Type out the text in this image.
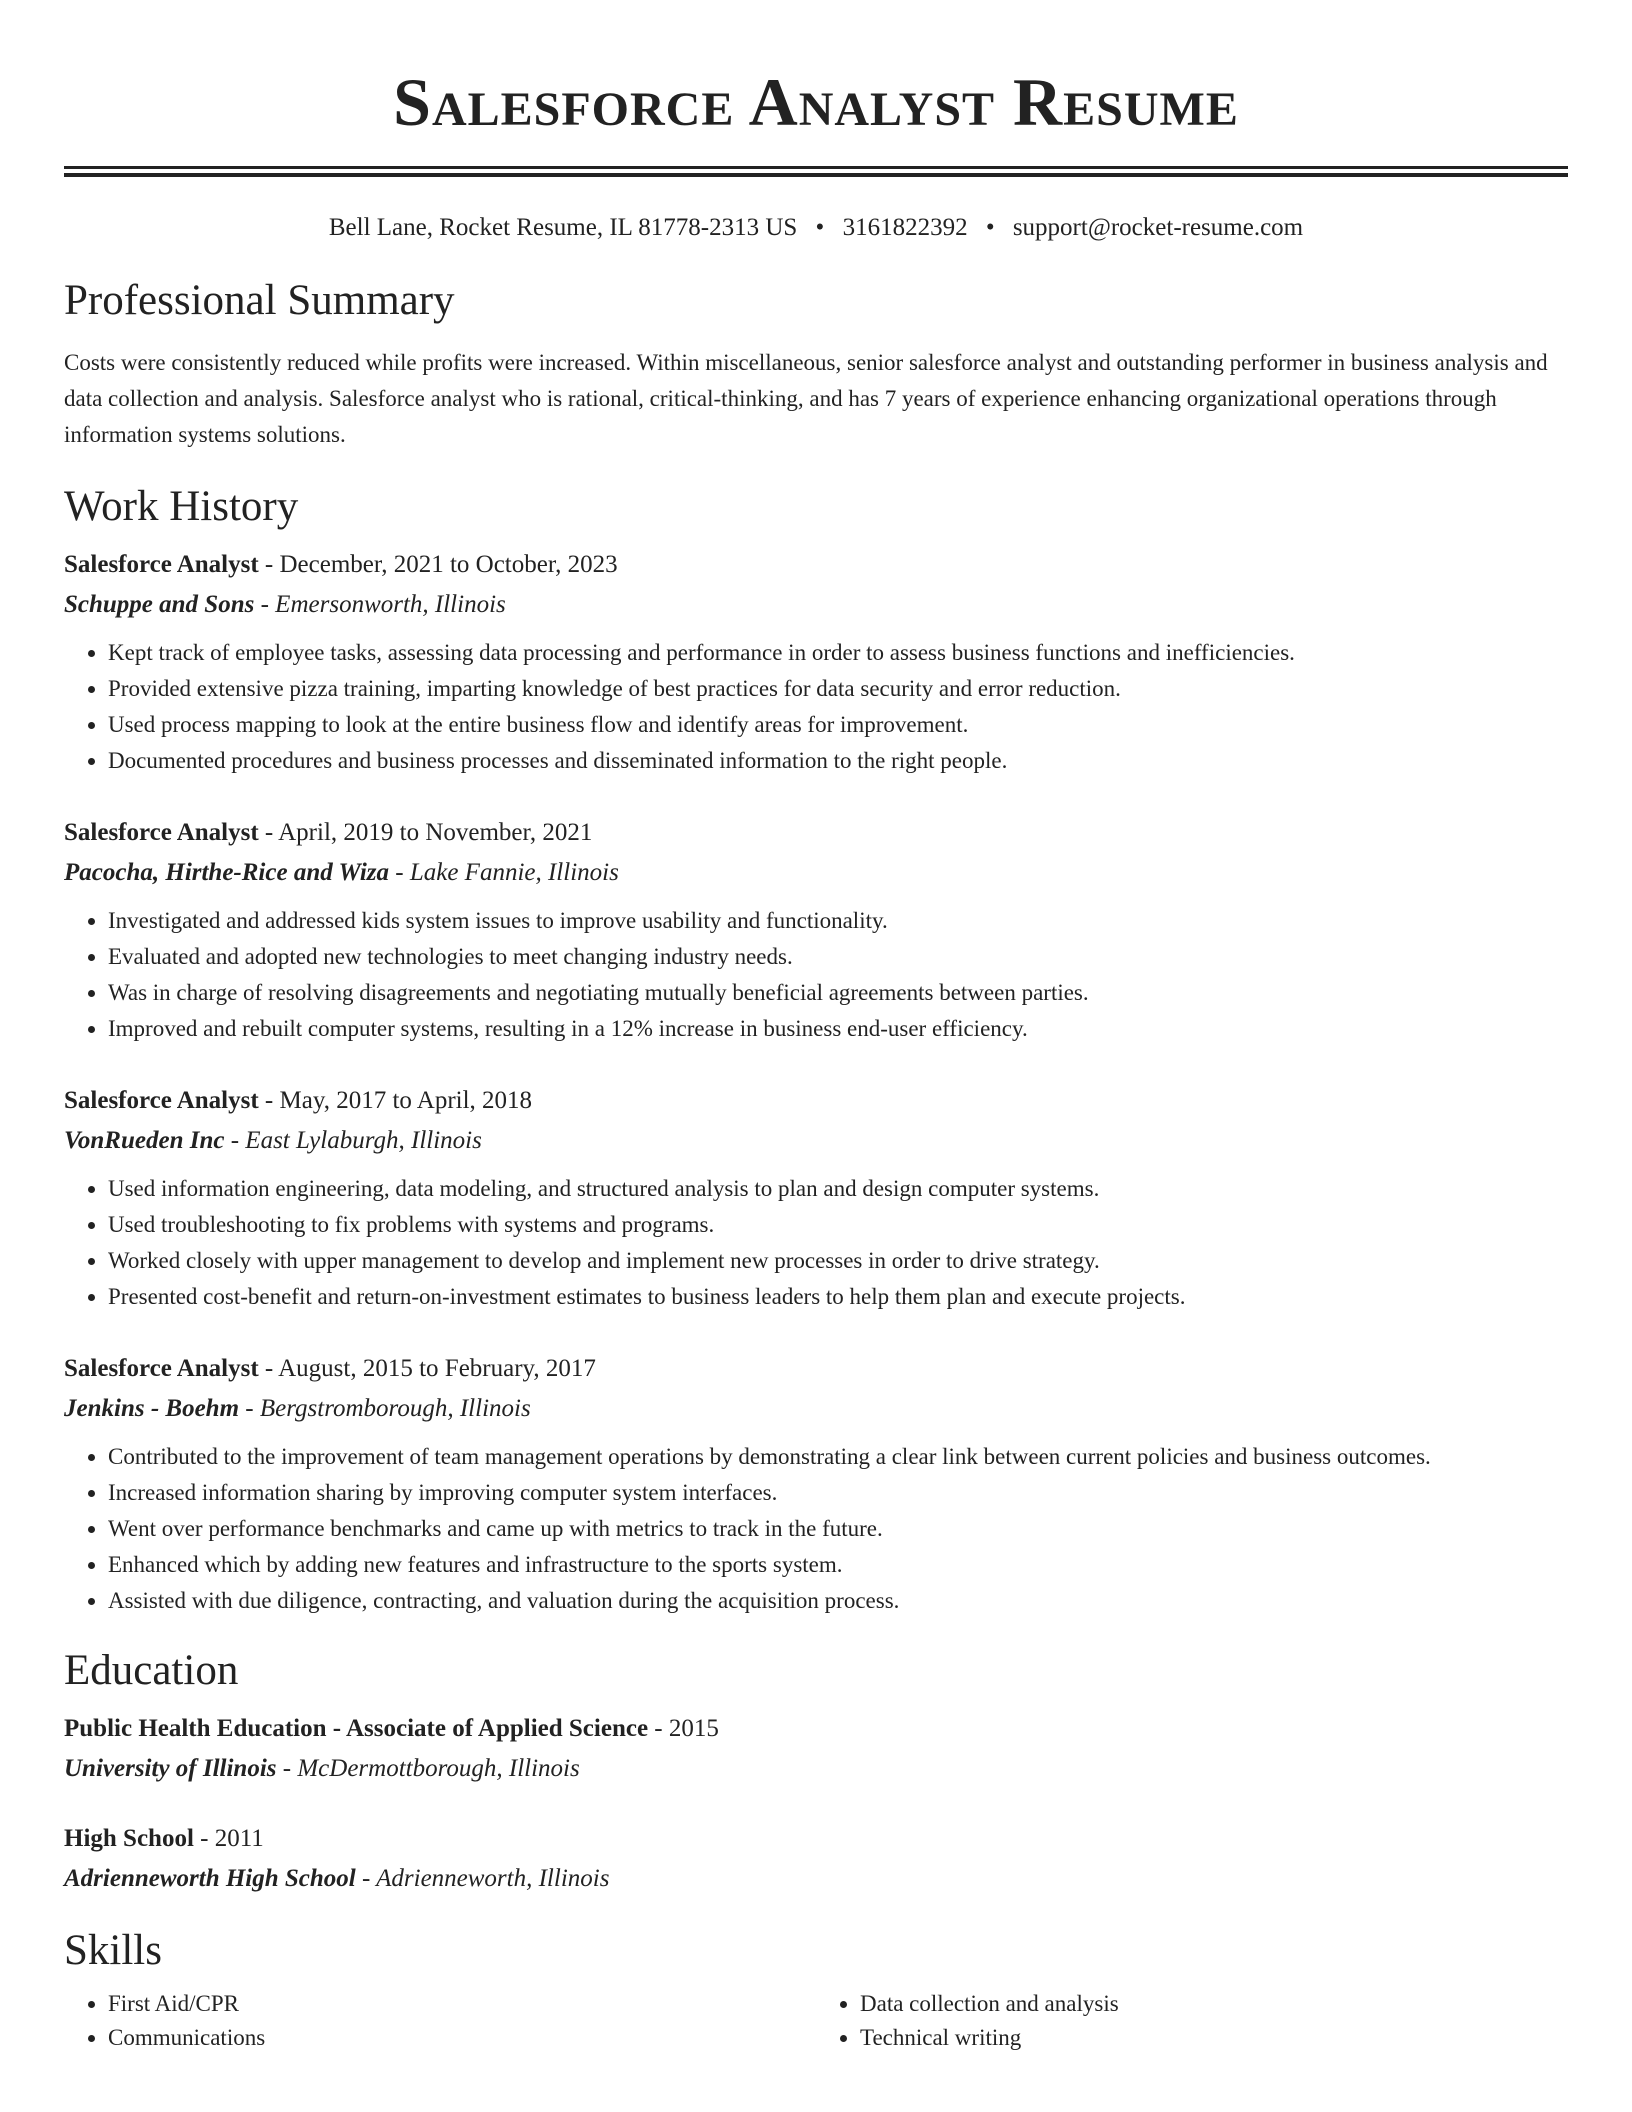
Salesforce Analyst Resume
Bell Lane, Rocket Resume, IL 81778-2313 US • 3161822392 • support@rocket-resume.com
Professional Summary
Costs were consistently reduced while profits were increased. Within miscellaneous, senior salesforce analyst and outstanding performer in business analysis and data collection and analysis. Salesforce analyst who is rational, critical-thinking, and has 7 years of experience enhancing organizational operations through information systems solutions.
Work History
Salesforce Analyst - December, 2021 to October, 2023
Schuppe and Sons - Emersonworth, Illinois
• Kept track of employee tasks, assessing data processing and performance in order to assess business functions and inefficiencies.
• Provided extensive pizza training, imparting knowledge of best practices for data security and error reduction.
• Used process mapping to look at the entire business flow and identify areas for improvement.
• Documented procedures and business processes and disseminated information to the right people.
Salesforce Analyst - April, 2019 to November, 2021
Pacocha, Hirthe-Rice and Wiza - Lake Fannie, Illinois
• Investigated and addressed kids system issues to improve usability and functionality.
• Evaluated and adopted new technologies to meet changing industry needs.
• Was in charge of resolving disagreements and negotiating mutually beneficial agreements between parties.
• Improved and rebuilt computer systems, resulting in a 12% increase in business end-user efficiency.
Salesforce Analyst - May, 2017 to April, 2018
VonRueden Inc - East Lylaburgh, Illinois
• Used information engineering, data modeling, and structured analysis to plan and design computer systems.
• Used troubleshooting to fix problems with systems and programs.
• Worked closely with upper management to develop and implement new processes in order to drive strategy.
• Presented cost-benefit and return-on-investment estimates to business leaders to help them plan and execute projects.
Salesforce Analyst - August, 2015 to February, 2017
Jenkins - Boehm - Bergstromborough, Illinois
• Contributed to the improvement of team management operations by demonstrating a clear link between current policies and business outcomes.
• Increased information sharing by improving computer system interfaces.
• Went over performance benchmarks and came up with metrics to track in the future.
• Enhanced which by adding new features and infrastructure to the sports system.
• Assisted with due diligence, contracting, and valuation during the acquisition process.
Education
Public Health Education - Associate of Applied Science - 2015
University of Illinois - McDermottborough, Illinois
High School - 2011
Adrienneworth High School - Adrienneworth, Illinois
Skills
• First Aid/CPR
• Communications
• Data collection and analysis
• Technical writing
